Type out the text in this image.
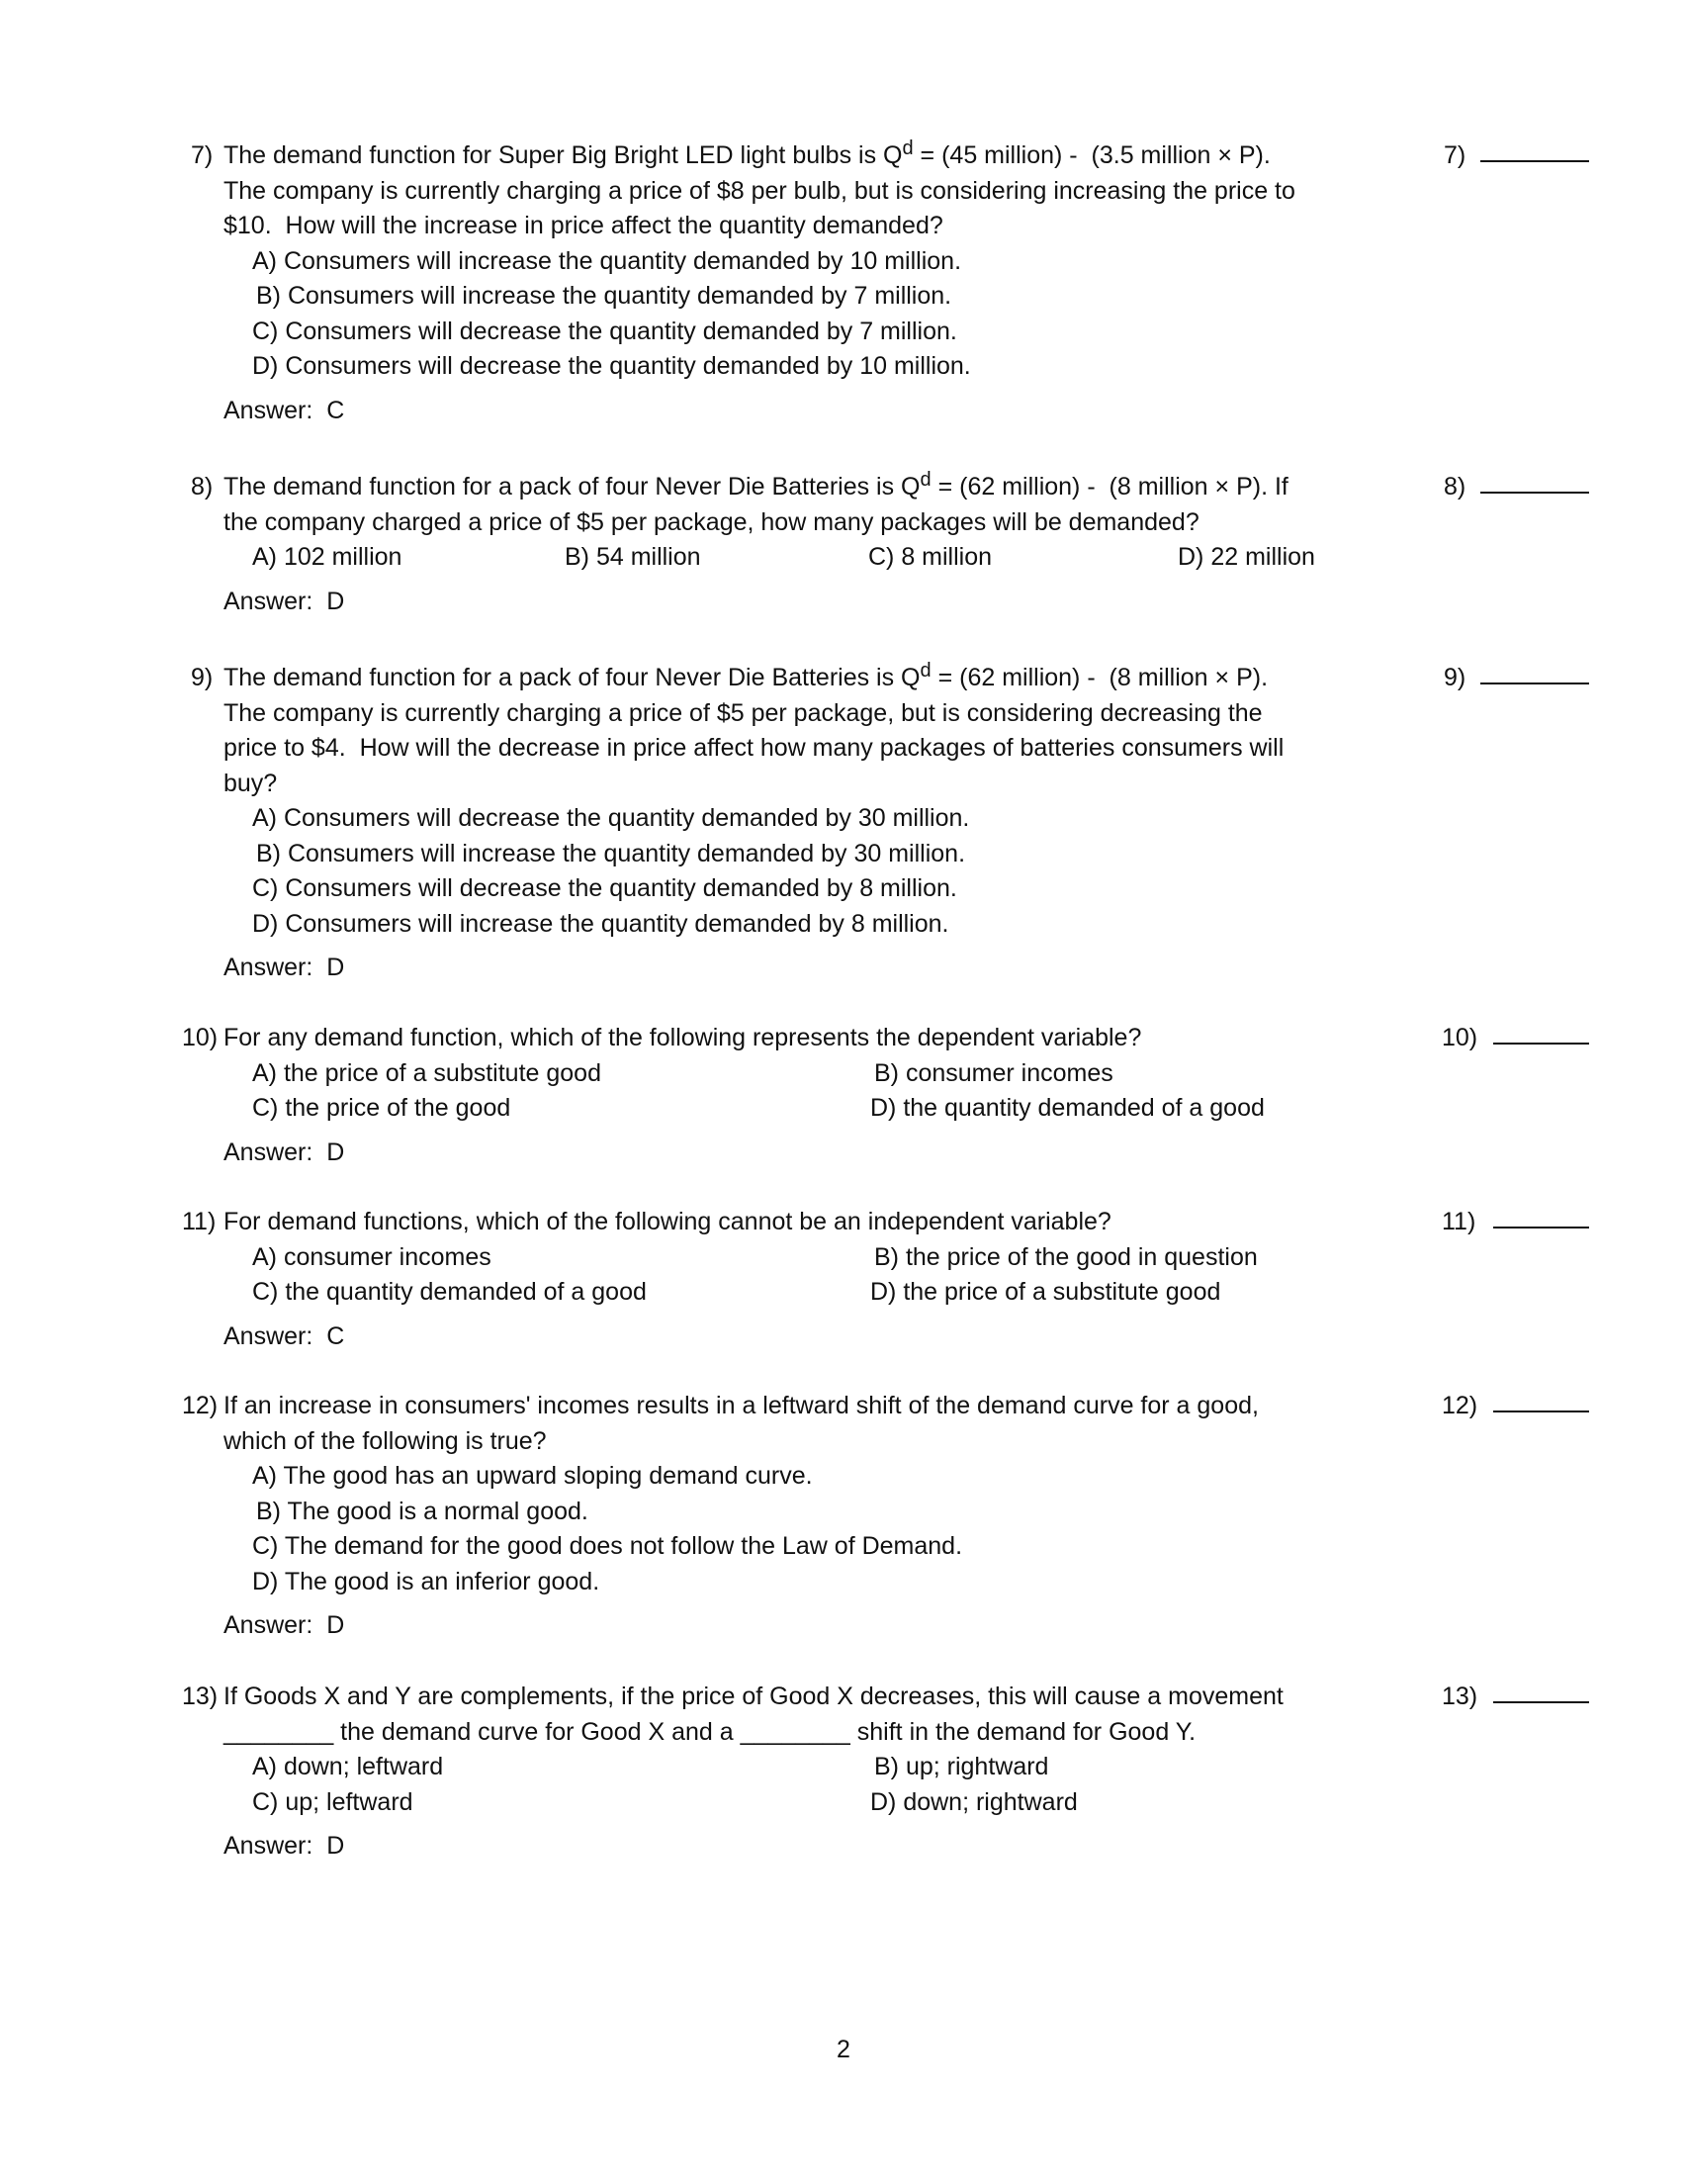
7) The demand function for Super Big Bright LED light bulbs is $Q^d = (45$ million) -  (3.5 million × P).
The company is currently charging a price of $8 per bulb, but is considering increasing the price to
$10.  How will the increase in price affect the quantity demanded?
A) Consumers will increase the quantity demanded by 10 million.
B) Consumers will increase the quantity demanded by 7 million.
C) Consumers will decrease the quantity demanded by 7 million.
D) Consumers will decrease the quantity demanded by 10 million.
Answer:  C
7)
8) The demand function for a pack of four Never Die Batteries is $Q^d = (62$ million) -  (8 million × P). If
the company charged a price of $5 per package, how many packages will be demanded?
A) 102 million	B) 54 million	C) 8 million	D) 22 million
Answer:  D
8)
9) The demand function for a pack of four Never Die Batteries is $Q^d = (62$ million) -  (8 million × P).
The company is currently charging a price of $5 per package, but is considering decreasing the
price to $4.  How will the decrease in price affect how many packages of batteries consumers will
buy?
A) Consumers will decrease the quantity demanded by 30 million.
B) Consumers will increase the quantity demanded by 30 million.
C) Consumers will decrease the quantity demanded by 8 million.
D) Consumers will increase the quantity demanded by 8 million.
Answer:  D
9)
10) For any demand function, which of the following represents the dependent variable?
A) the price of a substitute good	B) consumer incomes
C) the price of the good	D) the quantity demanded of a good
Answer:  D
10)
11) For demand functions, which of the following cannot be an independent variable?
A) consumer incomes	B) the price of the good in question
C) the quantity demanded of a good	D) the price of a substitute good
Answer:  C
11)
12) If an increase in consumers' incomes results in a leftward shift of the demand curve for a good,
which of the following is true?
A) The good has an upward sloping demand curve.
B) The good is a normal good.
C) The demand for the good does not follow the Law of Demand.
D) The good is an inferior good.
Answer:  D
12)
13) If Goods X and Y are complements, if the price of Good X decreases, this will cause a movement
________ the demand curve for Good X and a ________ shift in the demand for Good Y.
A) down; leftward	B) up; rightward
C) up; leftward	D) down; rightward
Answer:  D
13)
2
